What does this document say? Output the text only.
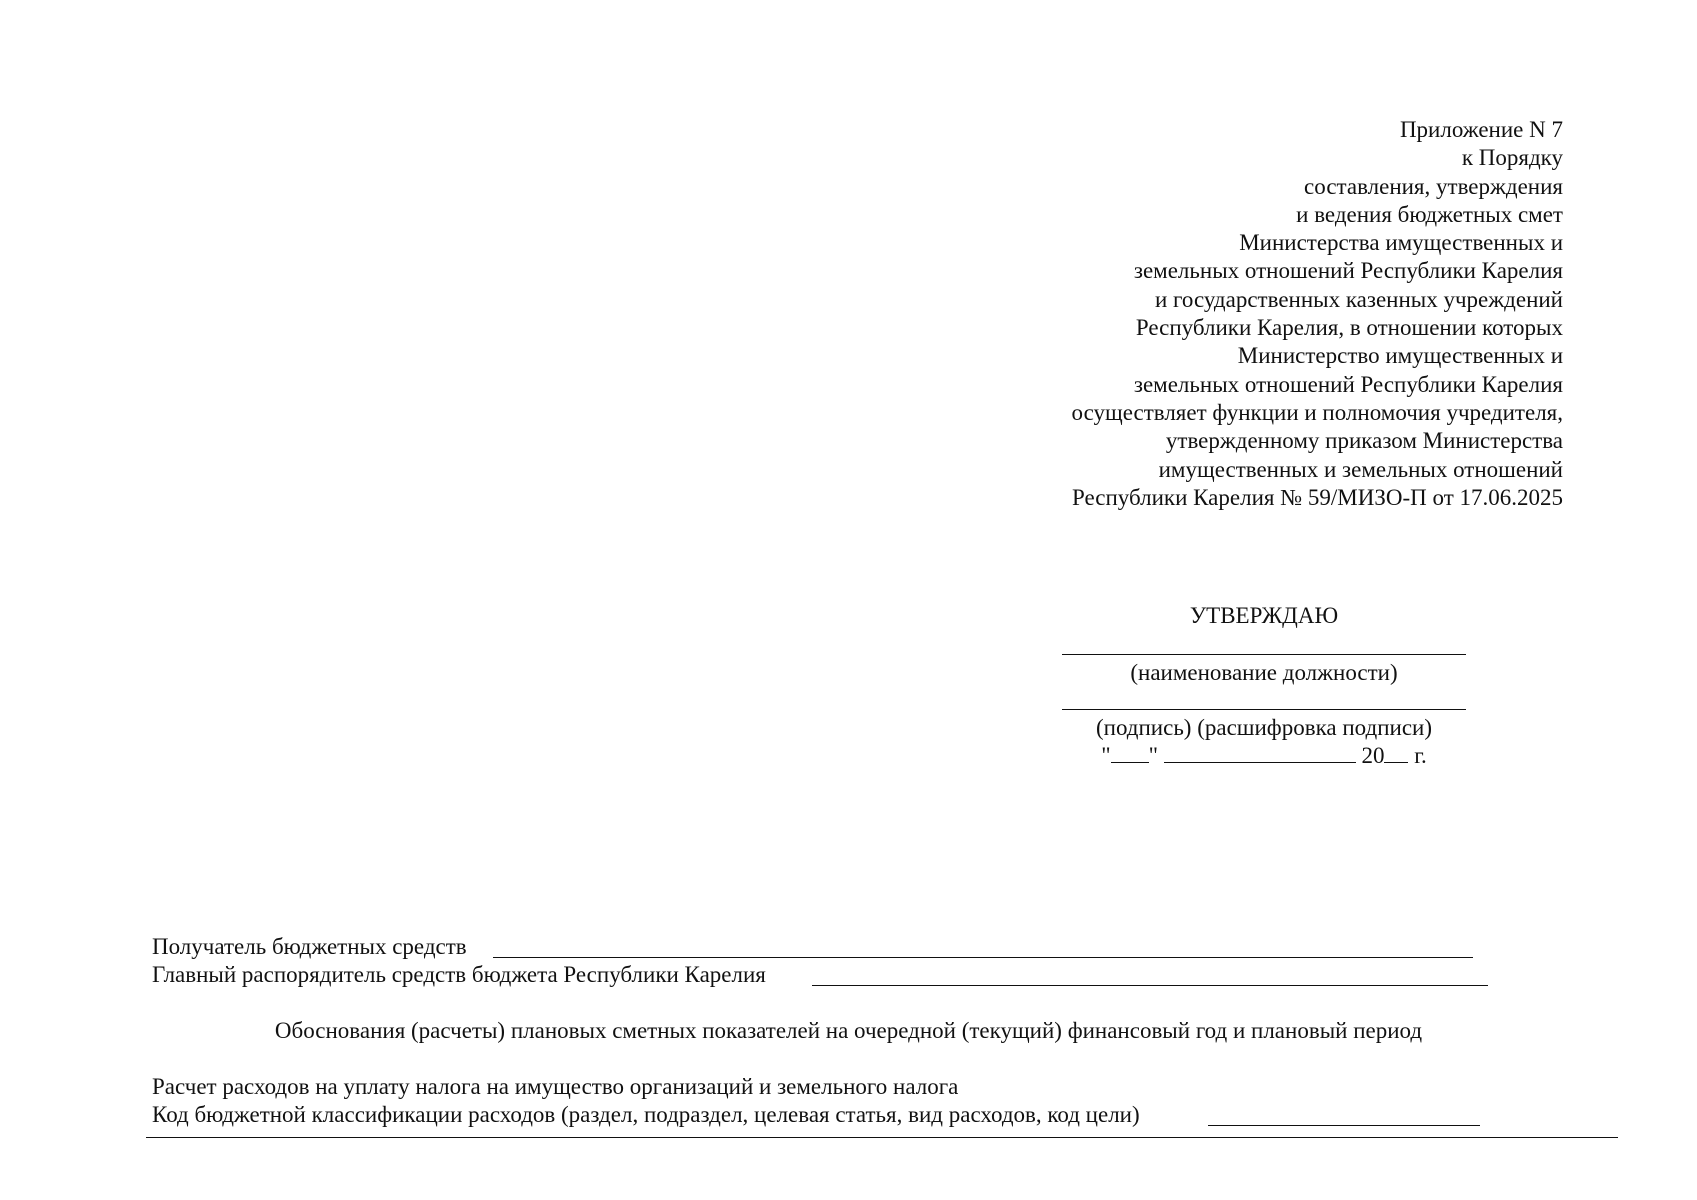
Приложение N 7
к Порядку
составления, утверждения
и ведения бюджетных смет
Министерства имущественных и
земельных отношений Республики Карелия
и государственных казенных учреждений
Республики Карелия, в отношении которых
Министерство имущественных и
земельных отношений Республики Карелия
осуществляет функции и полномочия учредителя,
утвержденному приказом Министерства
имущественных и земельных отношений
Республики Карелия № 59/МИЗО-П от 17.06.2025
УТВЕРЖДАЮ
(наименование должности)
(подпись) (расшифровка подписи)
" "	20 г.
Получатель бюджетных средств
Главный распорядитель средств бюджета Республики Карелия
Обоснования (расчеты) плановых сметных показателей на очередной (текущий) финансовый год и плановый период
Расчет расходов на уплату налога на имущество организаций и земельного налога
Код бюджетной классификации расходов (раздел, подраздел, целевая статья, вид расходов, код цели)
